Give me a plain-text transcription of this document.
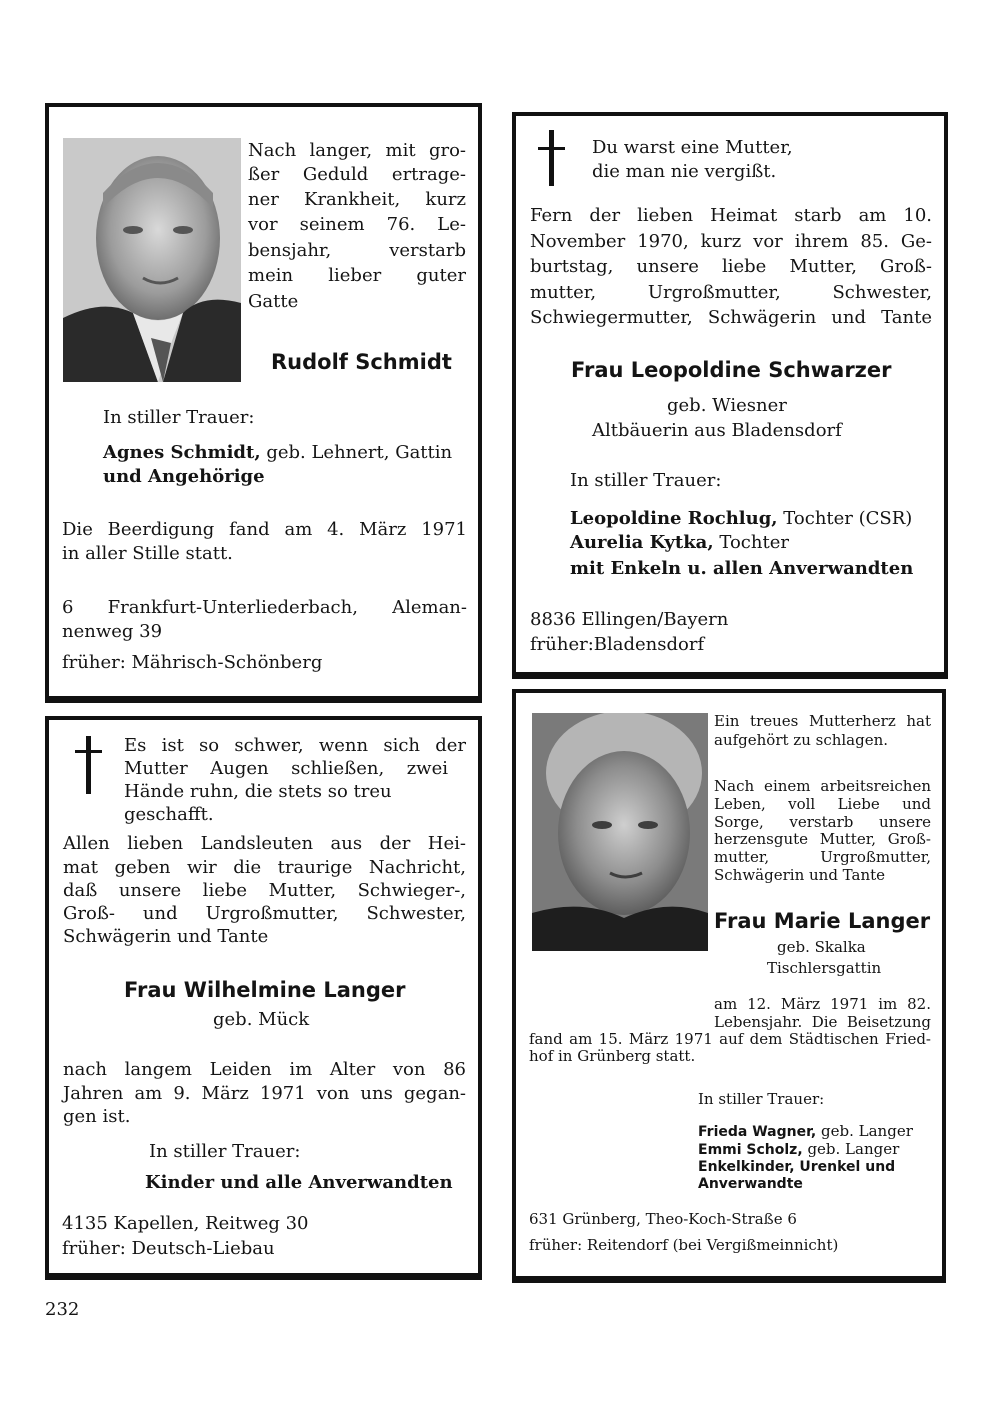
Nach langer, mit gro-
ßer Geduld ertrage-
ner Krankheit, kurz
vor seinem 76. Le-
bensjahr, verstarb
mein lieber guter
Gatte
Rudolf Schmidt
In stiller Trauer:
Agnes Schmidt, geb. Lehnert, Gattin
und Angehörige
Die Beerdigung fand am 4. März 1971
in aller Stille statt.
6 Frankfurt-Unterliederbach, Aleman-
nenweg 39
früher: Mährisch-Schönberg
Du warst eine Mutter,
die man nie vergißt.
Fern der lieben Heimat starb am 10.
November 1970, kurz vor ihrem 85. Ge-
burtstag, unsere liebe Mutter, Groß-
mutter, Urgroßmutter, Schwester,
Schwiegermutter, Schwägerin und Tante
Frau Leopoldine Schwarzer
geb. Wiesner
Altbäuerin aus Bladensdorf
In stiller Trauer:
Leopoldine Rochlug, Tochter (CSR)
Aurelia Kytka, Tochter
mit Enkeln u. allen Anverwandten
8836 Ellingen/Bayern
früher:Bladensdorf
Es ist so schwer, wenn sich der
Mutter Augen schließen, zwei
Hände ruhn, die stets so treu
geschafft.
Allen lieben Landsleuten aus der Hei-
mat geben wir die traurige Nachricht,
daß unsere liebe Mutter, Schwieger-,
Groß- und Urgroßmutter, Schwester,
Schwägerin und Tante
Frau Wilhelmine Langer
geb. Mück
nach langem Leiden im Alter von 86
Jahren am 9. März 1971 von uns gegan-
gen ist.
In stiller Trauer:
Kinder und alle Anverwandten
4135 Kapellen, Reitweg 30
früher: Deutsch-Liebau
Ein treues Mutterherz hat
aufgehört zu schlagen.
Nach einem arbeitsreichen
Leben, voll Liebe und
Sorge, verstarb unsere
herzensgute Mutter, Groß-
mutter, Urgroßmutter,
Schwägerin und Tante
Frau Marie Langer
geb. Skalka
Tischlersgattin
am 12. März 1971 im 82.
Lebensjahr. Die Beisetzung
fand am 15. März 1971 auf dem Städtischen Fried-
hof in Grünberg statt.
In stiller Trauer:
Frieda Wagner, geb. Langer
Emmi Scholz, geb. Langer
Enkelkinder, Urenkel und
Anverwandte
631 Grünberg, Theo-Koch-Straße 6
früher: Reitendorf (bei Vergißmeinnicht)
232
